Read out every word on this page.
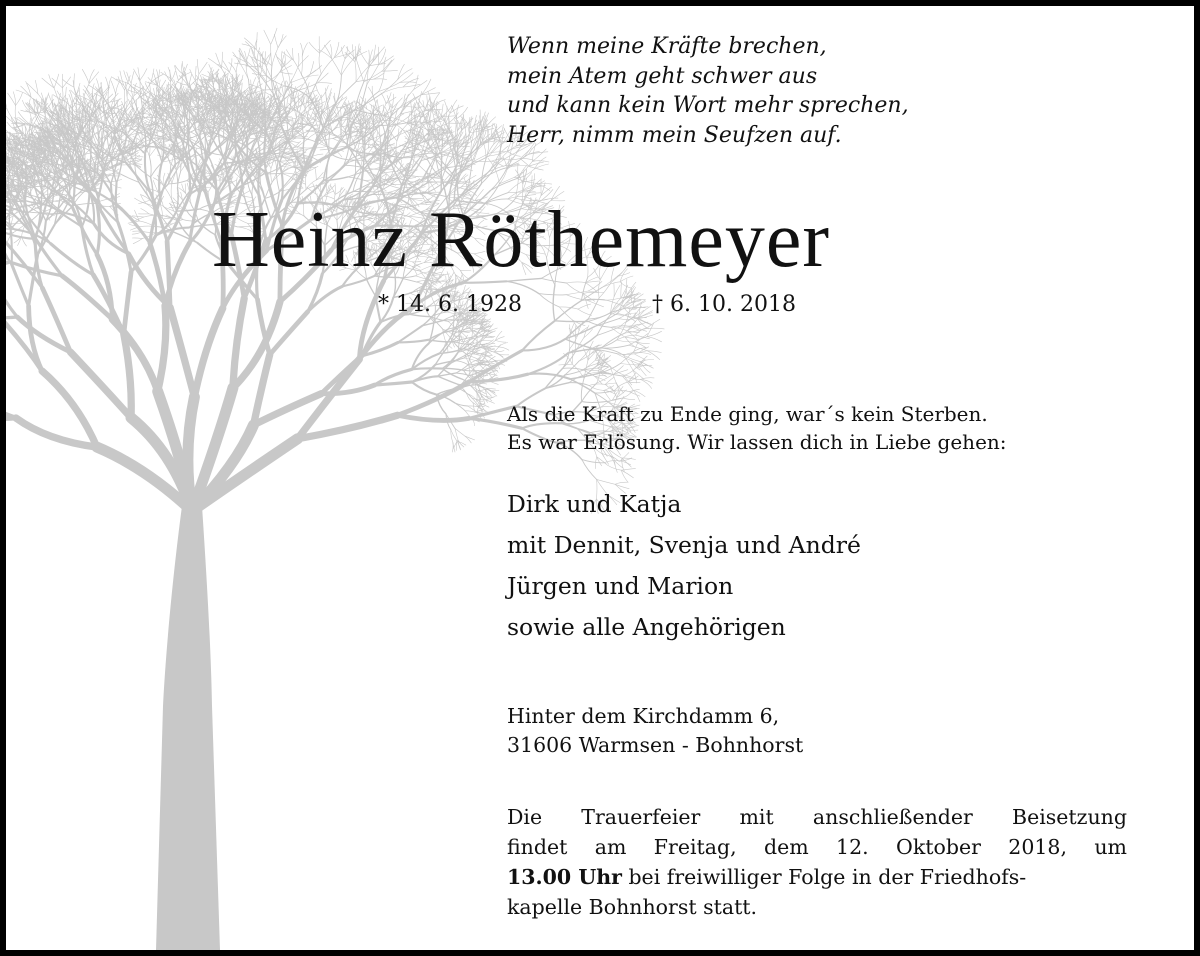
Wenn meine Kräfte brechen,
mein Atem geht schwer aus
und kann kein Wort mehr sprechen,
Herr, nimm mein Seufzen auf.
Heinz Röthemeyer
* 14. 6. 1928	† 6. 10. 2018
Als die Kraft zu Ende ging, war´s kein Sterben.
Es war Erlösung. Wir lassen dich in Liebe gehen:
Dirk und Katja
mit Dennit, Svenja und André
Jürgen und Marion
sowie alle Angehörigen
Hinter dem Kirchdamm 6,
31606 Warmsen - Bohnhorst
Die Trauerfeier mit anschließender Beisetzung
findet am Freitag, dem 12. Oktober 2018, um
13.00 Uhr bei freiwilliger Folge in der Friedhofs-
kapelle Bohnhorst statt.
